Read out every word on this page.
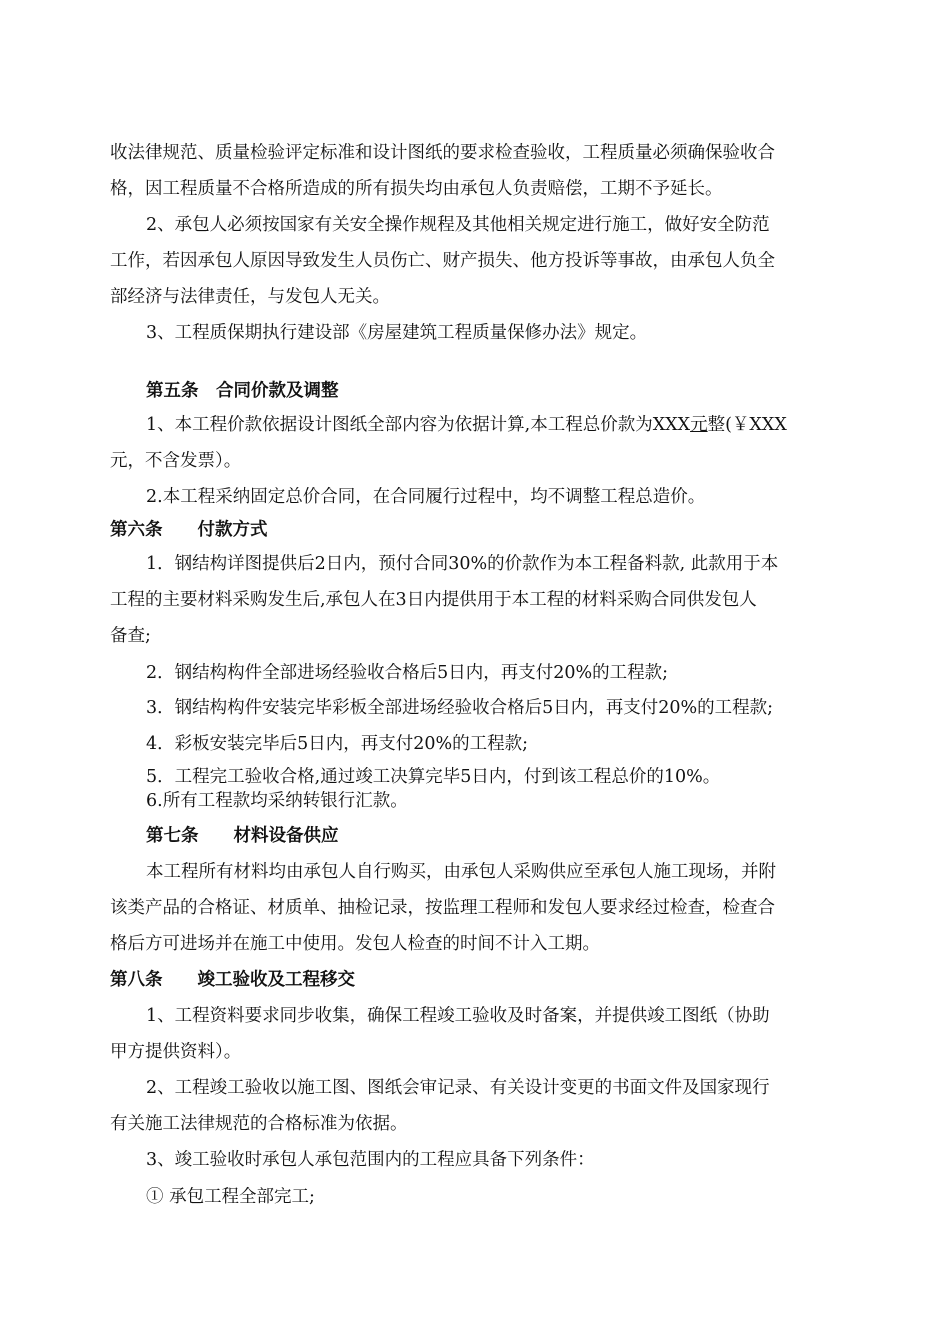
收法律规范、质量检验评定标准和设计图纸的要求检查验收，工程质量必须确保验收合
格，因工程质量不合格所造成的所有损失均由承包人负责赔偿，工期不予延长。
2、承包人必须按国家有关安全操作规程及其他相关规定进行施工，做好安全防范
工作，若因承包人原因导致发生人员伤亡、财产损失、他方投诉等事故，由承包人负全
部经济与法律责任，与发包人无关。
3、工程质保期执行建设部《房屋建筑工程质量保修办法》规定。
第五条　合同价款及调整
1、本工程价款依据设计图纸全部内容为依据计算,本工程总价款为XXX元整(￥XXX
元，不含发票）。
2.本工程采纳固定总价合同，在合同履行过程中，均不调整工程总造价。
第六条　　付款方式
1．钢结构详图提供后2日内，预付合同30%的价款作为本工程备料款, 此款用于本
工程的主要材料采购发生后,承包人在3日内提供用于本工程的材料采购合同供发包人
备查;
2．钢结构构件全部进场经验收合格后5日内，再支付20%的工程款;
3．钢结构构件安装完毕彩板全部进场经验收合格后5日内，再支付20%的工程款;
4．彩板安装完毕后5日内，再支付20%的工程款;
5．工程完工验收合格,通过竣工决算完毕5日内，付到该工程总价的10%。
6.所有工程款均采纳转银行汇款。
第七条　　材料设备供应
本工程所有材料均由承包人自行购买，由承包人采购供应至承包人施工现场，并附
该类产品的合格证、材质单、抽检记录，按监理工程师和发包人要求经过检查，检查合
格后方可进场并在施工中使用。发包人检查的时间不计入工期。
第八条　　竣工验收及工程移交
1、工程资料要求同步收集，确保工程竣工验收及时备案，并提供竣工图纸（协助
甲方提供资料）。
2、工程竣工验收以施工图、图纸会审记录、有关设计变更的书面文件及国家现行
有关施工法律规范的合格标准为依据。
3、竣工验收时承包人承包范围内的工程应具备下列条件：
① 承包工程全部完工;
